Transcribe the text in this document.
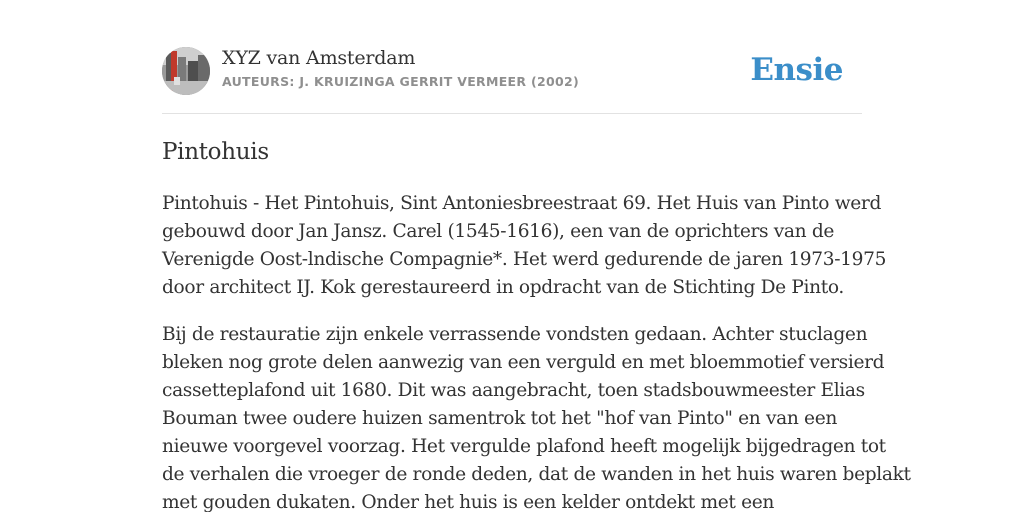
XYZ van Amsterdam
AUTEURS: J. KRUIZINGA GERRIT VERMEER (2002)	Ensie
Pintohuis

Pintohuis - Het Pintohuis, Sint Antoniesbreestraat 69. Het Huis van Pinto werd
gebouwd door Jan Jansz. Carel (1545-1616), een van de oprichters van de
Verenigde Oost-lndische Compagnie*. Het werd gedurende de jaren 1973-1975
door architect IJ. Kok gerestaureerd in opdracht van de Stichting De Pinto.

Bij de restauratie zijn enkele verrassende vondsten gedaan. Achter stuclagen
bleken nog grote delen aanwezig van een verguld en met bloemmotief versierd
cassetteplafond uit 1680. Dit was aangebracht, toen stadsbouwmeester Elias
Bouman twee oudere huizen samentrok tot het "hof van Pinto" en van een
nieuwe voorgevel voorzag. Het vergulde plafond heeft mogelijk bijgedragen tot
de verhalen die vroeger de ronde deden, dat de wanden in het huis waren beplakt
met gouden dukaten. Onder het huis is een kelder ontdekt met een
